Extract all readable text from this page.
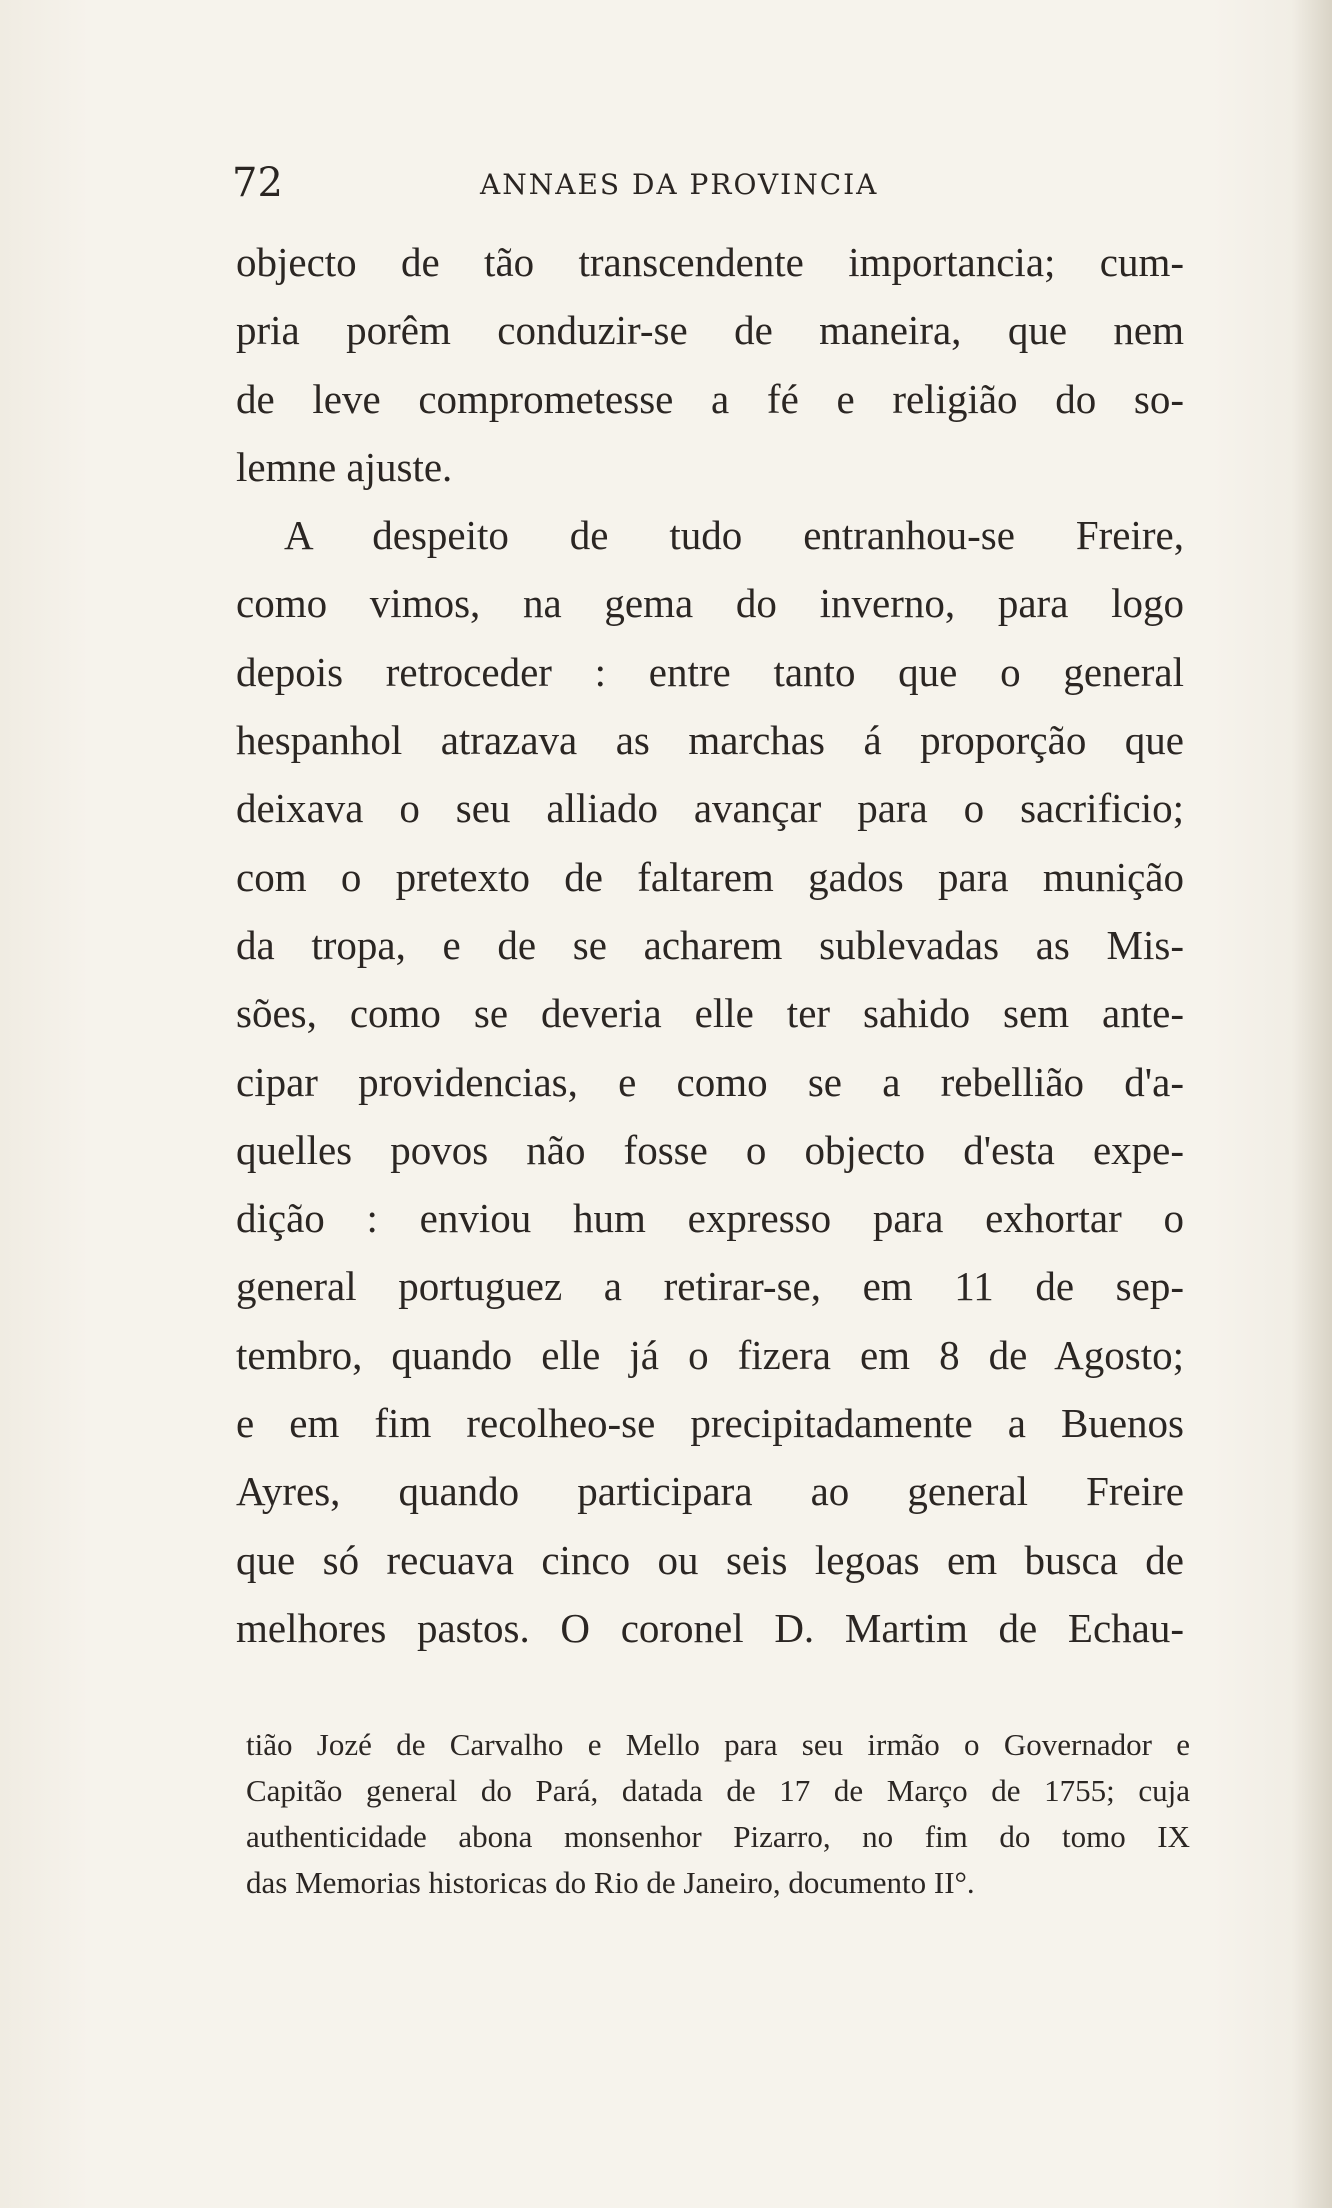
72	ANNAES DA PROVINCIA
objecto de tão transcendente importancia; cum-
pria porêm conduzir-se de maneira, que nem
de leve comprometesse a fé e religião do so-
lemne ajuste.
A despeito de tudo entranhou-se Freire,
como vimos, na gema do inverno, para logo
depois retroceder : entre tanto que o general
hespanhol atrazava as marchas á proporção que
deixava o seu alliado avançar para o sacrificio;
com o pretexto de faltarem gados para munição
da tropa, e de se acharem sublevadas as Mis-
sões, como se deveria elle ter sahido sem ante-
cipar providencias, e como se a rebellião d'a-
quelles povos não fosse o objecto d'esta expe-
dição : enviou hum expresso para exhortar o
general portuguez a retirar-se, em 11 de sep-
tembro, quando elle já o fizera em 8 de Agosto;
e em fim recolheo-se precipitadamente a Buenos
Ayres, quando participara ao general Freire
que só recuava cinco ou seis legoas em busca de
melhores pastos. O coronel D. Martim de Echau-
tião Jozé de Carvalho e Mello para seu irmão o Governador e
Capitão general do Pará, datada de 17 de Março de 1755; cuja
authenticidade abona monsenhor Pizarro, no fim do tomo IX
das Memorias historicas do Rio de Janeiro, documento II°.
